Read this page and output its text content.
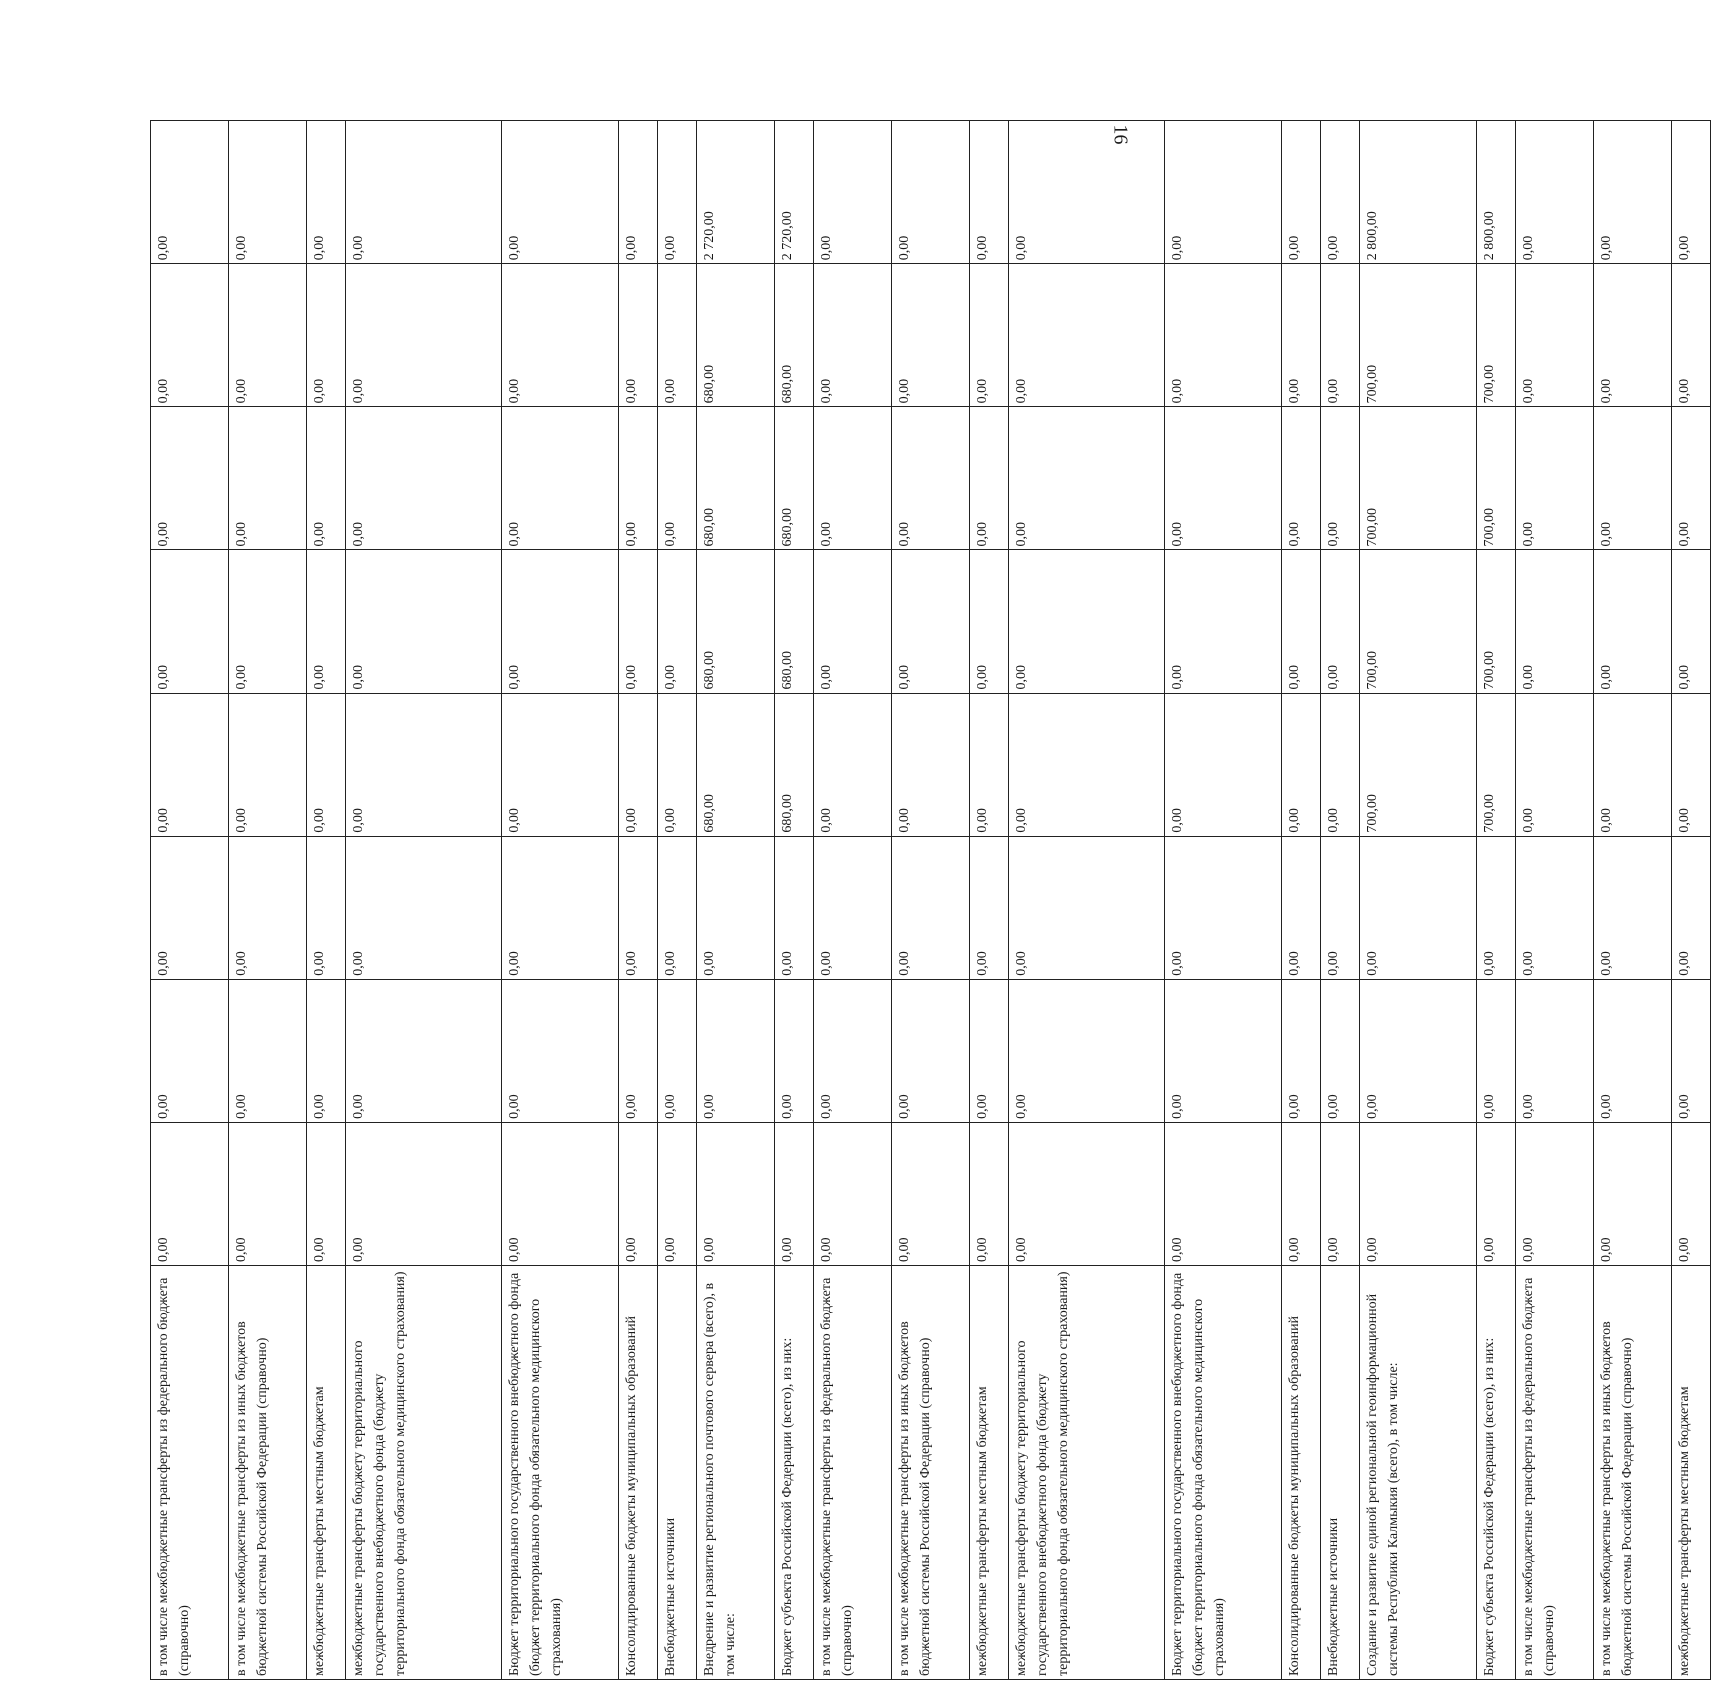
16
в том числе межбюджетные трансферты из федерального бюджета (справочно)	0,00	0,00	0,00	0,00	0,00	0,00	0,00	0,00
в том числе межбюджетные трансферты из иных бюджетов бюджетной системы Российской Федерации (справочно)	0,00	0,00	0,00	0,00	0,00	0,00	0,00	0,00
межбюджетные трансферты местным бюджетам	0,00	0,00	0,00	0,00	0,00	0,00	0,00	0,00
межбюджетные трансферты бюджету территориального государственного внебюджетного фонда (бюджету территориального фонда обязательного медицинского страхования)	0,00	0,00	0,00	0,00	0,00	0,00	0,00	0,00
Бюджет территориального государственного внебюджетного фонда (бюджет территориального фонда обязательного медицинского страхования)	0,00	0,00	0,00	0,00	0,00	0,00	0,00	0,00
Консолидированные бюджеты муниципальных образований	0,00	0,00	0,00	0,00	0,00	0,00	0,00	0,00
Внебюджетные источники	0,00	0,00	0,00	0,00	0,00	0,00	0,00	0,00
Внедрение и развитие регионального почтового сервера (всего), в том числе:	0,00	0,00	0,00	680,00	680,00	680,00	680,00	2 720,00
Бюджет субъекта Российской Федерации (всего), из них:	0,00	0,00	0,00	680,00	680,00	680,00	680,00	2 720,00
в том числе межбюджетные трансферты из федерального бюджета (справочно)	0,00	0,00	0,00	0,00	0,00	0,00	0,00	0,00
в том числе межбюджетные трансферты из иных бюджетов бюджетной системы Российской Федерации (справочно)	0,00	0,00	0,00	0,00	0,00	0,00	0,00	0,00
межбюджетные трансферты местным бюджетам	0,00	0,00	0,00	0,00	0,00	0,00	0,00	0,00
межбюджетные трансферты бюджету территориального государственного внебюджетного фонда (бюджету территориального фонда обязательного медицинского страхования)	0,00	0,00	0,00	0,00	0,00	0,00	0,00	0,00
Бюджет территориального государственного внебюджетного фонда (бюджет территориального фонда обязательного медицинского страхования)	0,00	0,00	0,00	0,00	0,00	0,00	0,00	0,00
Консолидированные бюджеты муниципальных образований	0,00	0,00	0,00	0,00	0,00	0,00	0,00	0,00
Внебюджетные источники	0,00	0,00	0,00	0,00	0,00	0,00	0,00	0,00
Создание и развитие единой региональной геоинформационной системы Республики Калмыкия (всего), в том числе:	0,00	0,00	0,00	700,00	700,00	700,00	700,00	2 800,00
Бюджет субъекта Российской Федерации (всего), из них:	0,00	0,00	0,00	700,00	700,00	700,00	700,00	2 800,00
в том числе межбюджетные трансферты из федерального бюджета (справочно)	0,00	0,00	0,00	0,00	0,00	0,00	0,00	0,00
в том числе межбюджетные трансферты из иных бюджетов бюджетной системы Российской Федерации (справочно)	0,00	0,00	0,00	0,00	0,00	0,00	0,00	0,00
межбюджетные трансферты местным бюджетам	0,00	0,00	0,00	0,00	0,00	0,00	0,00	0,00
